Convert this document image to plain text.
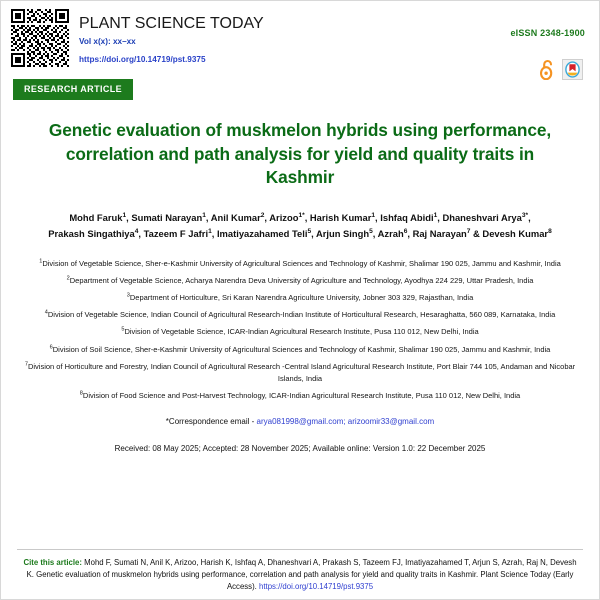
PLANT SCIENCE TODAY
Vol x(x): xx–xx
https://doi.org/10.14719/pst.9375
eISSN 2348-1900
RESEARCH ARTICLE
Genetic evaluation of muskmelon hybrids using performance, correlation and path analysis for yield and quality traits in Kashmir
Mohd Faruk$^1$, Sumati Narayan$^1$, Anil Kumar$^2$, Arizoo$^{1*}$, Harish Kumar$^1$, Ishfaq Abidi$^1$, Dhaneshvari Arya$^{3*}$,
Prakash Singathiya$^4$, Tazeem F Jafri$^1$, Imatiyazahamed Teli$^5$, Arjun Singh$^5$, Azrah$^6$, Raj Narayan$^7$ & Devesh Kumar$^8$
$^1$Division of Vegetable Science, Sher-e-Kashmir University of Agricultural Sciences and Technology of Kashmir, Shalimar 190 025, Jammu and Kashmir, India
$^2$Department of Vegetable Science, Acharya Narendra Deva University of Agriculture and Technology, Ayodhya 224 229, Uttar Pradesh, India
$^3$Department of Horticulture, Sri Karan Narendra Agriculture University, Jobner 303 329, Rajasthan, India
$^4$Division of Vegetable Science, Indian Council of Agricultural Research-Indian Institute of Horticultural Research, Hesaraghatta, 560 089, Karnataka, India
$^5$Division of Vegetable Science, ICAR-Indian Agricultural Research Institute, Pusa 110 012, New Delhi, India
$^6$Division of Soil Science, Sher-e-Kashmir University of Agricultural Sciences and Technology of Kashmir, Shalimar 190 025, Jammu and Kashmir, India
$^7$Division of Horticulture and Forestry, Indian Council of Agricultural Research -Central Island Agricultural Research Institute, Port Blair 744 105, Andaman and Nicobar Islands, India
$^8$Division of Food Science and Post-Harvest Technology, ICAR-Indian Agricultural Research Institute, Pusa 110 012, New Delhi, India
*Correspondence email - arya081998@gmail.com; arizoomir33@gmail.com
Received: 08 May 2025; Accepted: 28 November 2025; Available online: Version 1.0: 22 December 2025
Cite this article: Mohd F, Sumati N, Anil K, Arizoo, Harish K, Ishfaq A, Dhaneshvari A, Prakash S, Tazeem FJ, Imatiyazahamed T, Arjun S, Azrah, Raj N, Devesh K. Genetic evaluation of muskmelon hybrids using performance, correlation and path analysis for yield and quality traits in Kashmir. Plant Science Today (Early Access). https://doi.org/10.14719/pst.9375
